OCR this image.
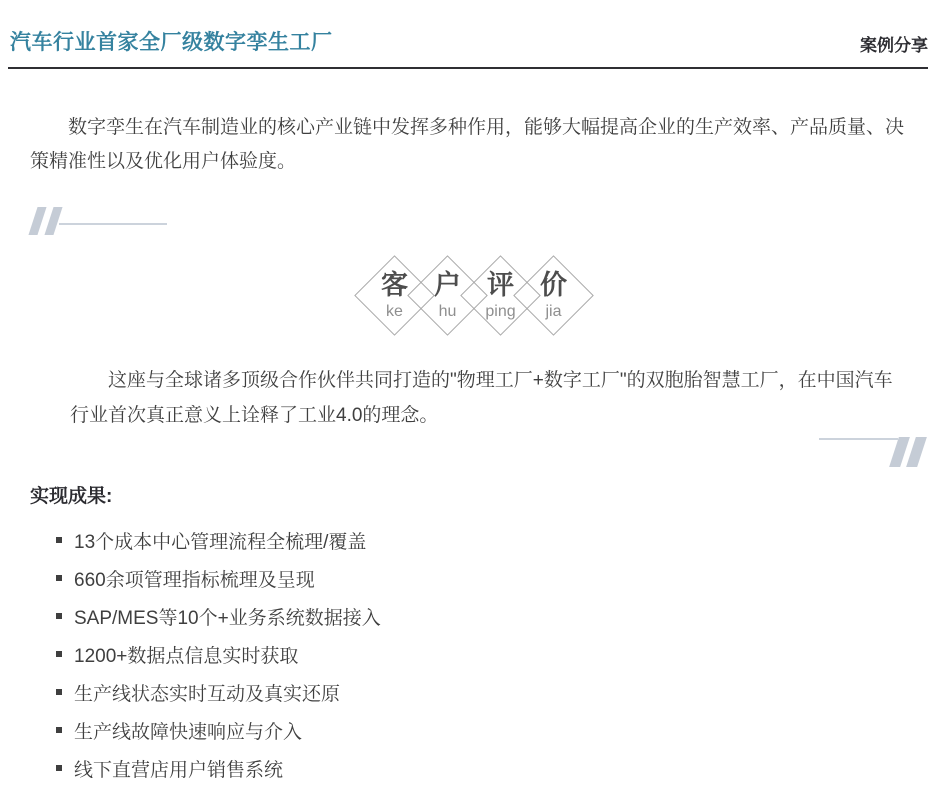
汽车行业首家全厂级数字孪生工厂	案例分享

数字孪生在汽车制造业的核心产业链中发挥多种作用，能够大幅提高企业的生产效率、产品质量、决策精准性以及优化用户体验度。

客
ke
户
hu
评
ping
价
jia

这座与全球诸多顶级合作伙伴共同打造的"物理工厂+数字工厂"的双胞胎智慧工厂，在中国汽车行业首次真正意义上诠释了工业4.0的理念。

实现成果:
13个成本中心管理流程全梳理/覆盖
660余项管理指标梳理及呈现
SAP/MES等10个+业务系统数据接入
1200+数据点信息实时获取
生产线状态实时互动及真实还原
生产线故障快速响应与介入
线下直营店用户销售系统
